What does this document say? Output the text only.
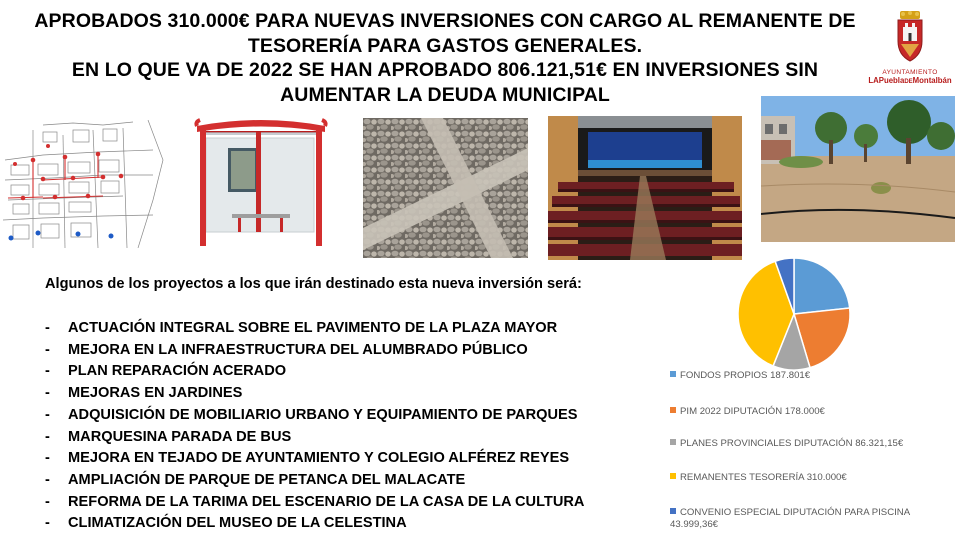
APROBADOS 310.000€ PARA NUEVAS INVERSIONES CON CARGO AL REMANENTE DE
TESORERÍA PARA GASTOS GENERALES.
EN LO QUE VA DE 2022 SE HAN APROBADO 806.121,51€ EN INVERSIONES SIN
AUMENTAR LA DEUDA MUNICIPAL
AYUNTAMIENTO
LAPueblaDEMontalbán
Algunos de los proyectos a los que irán destinado esta nueva inversión será:
- ACTUACIÓN INTEGRAL SOBRE EL PAVIMENTO DE LA PLAZA MAYOR
- MEJORA EN LA INFRAESTRUCTURA DEL ALUMBRADO PÚBLICO
- PLAN REPARACIÓN ACERADO
- MEJORAS EN JARDINES
- ADQUISICIÓN DE MOBILIARIO URBANO Y EQUIPAMIENTO DE PARQUES
- MARQUESINA PARADA DE BUS
- MEJORA EN TEJADO DE AYUNTAMIENTO Y COLEGIO ALFÉREZ REYES
- AMPLIACIÓN DE PARQUE DE PETANCA DEL MALACATE
- REFORMA DE LA TARIMA DEL ESCENARIO DE LA CASA DE LA CULTURA
- CLIMATIZACIÓN DEL MUSEO DE LA CELESTINA
FONDOS PROPIOS 187.801€
PIM 2022 DIPUTACIÓN 178.000€
PLANES PROVINCIALES DIPUTACIÓN 86.321,15€
REMANENTES TESORERÍA 310.000€
CONVENIO ESPECIAL DIPUTACIÓN PARA PISCINA
43.999,36€
